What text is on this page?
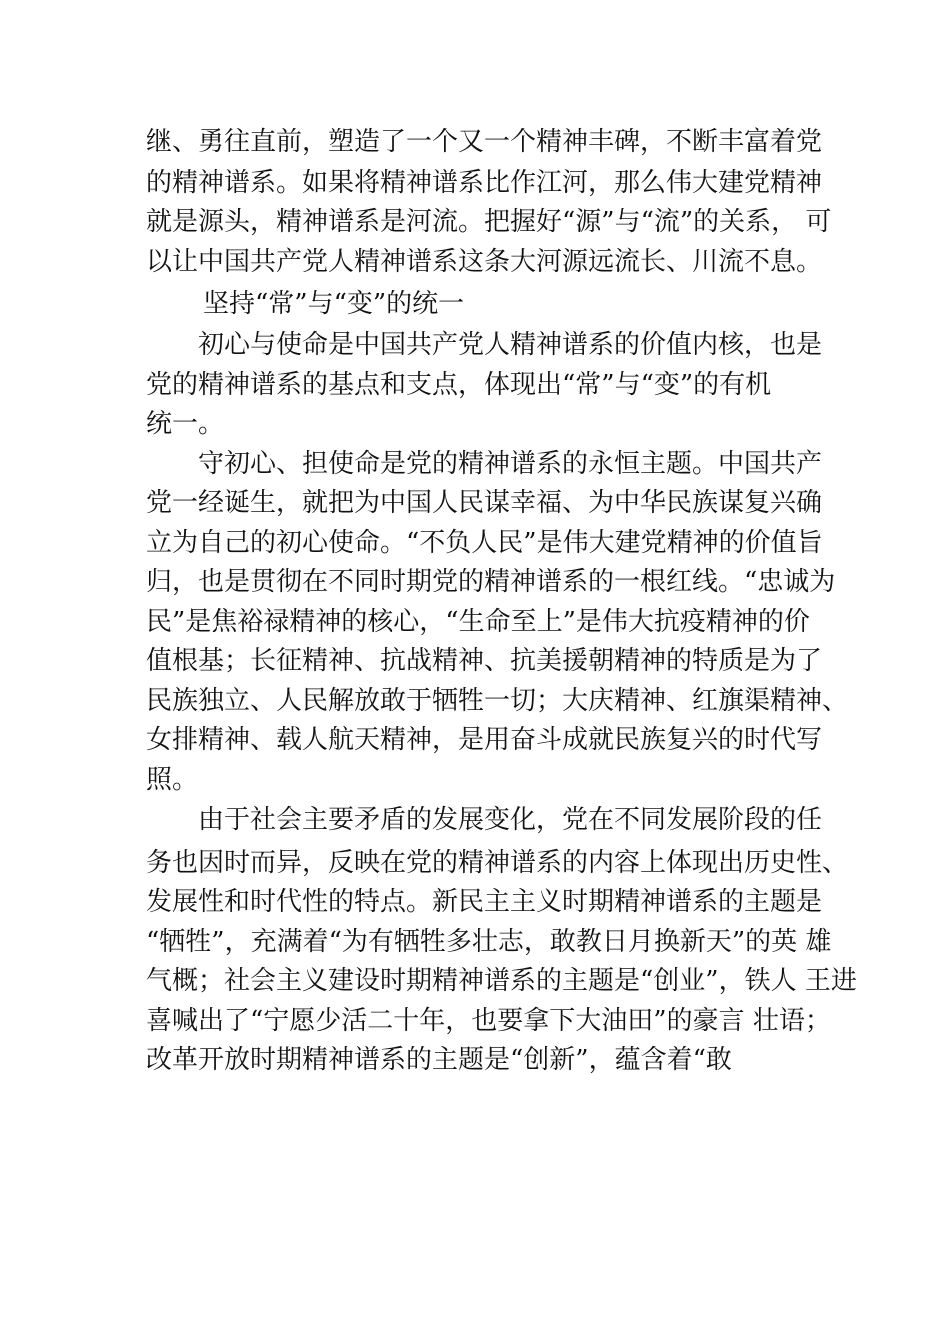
继、勇往直前，塑造了一个又一个精神丰碑，不断丰富着党
的精神谱系。如果将精神谱系比作江河，那么伟大建党精神
就是源头，精神谱系是河流。把握好“源”与“流”的关系， 可
以让中国共产党人精神谱系这条大河源远流长、川流不息。
坚持“常”与“变”的统一
初心与使命是中国共产党人精神谱系的价值内核，也是
党的精神谱系的基点和支点，体现出“常”与“变”的有机
统一。
守初心、担使命是党的精神谱系的永恒主题。中国共产
党一经诞生，就把为中国人民谋幸福、为中华民族谋复兴确
立为自己的初心使命。“不负人民”是伟大建党精神的价值旨
归，也是贯彻在不同时期党的精神谱系的一根红线。“忠诚为
民”是焦裕禄精神的核心，“生命至上”是伟大抗疫精神的价
值根基；长征精神、抗战精神、抗美援朝精神的特质是为了
民族独立、人民解放敢于牺牲一切；大庆精神、红旗渠精神、
女排精神、载人航天精神，是用奋斗成就民族复兴的时代写
照。
由于社会主要矛盾的发展变化，党在不同发展阶段的任
务也因时而异，反映在党的精神谱系的内容上体现出历史性、
发展性和时代性的特点。新民主主义时期精神谱系的主题是
“牺牲”，充满着“为有牺牲多壮志，敢教日月换新天”的英 雄
气概；社会主义建设时期精神谱系的主题是“创业”，铁人 王进
喜喊出了“宁愿少活二十年，也要拿下大油田”的豪言 壮语；
改革开放时期精神谱系的主题是“创新”，蕴含着“敢
